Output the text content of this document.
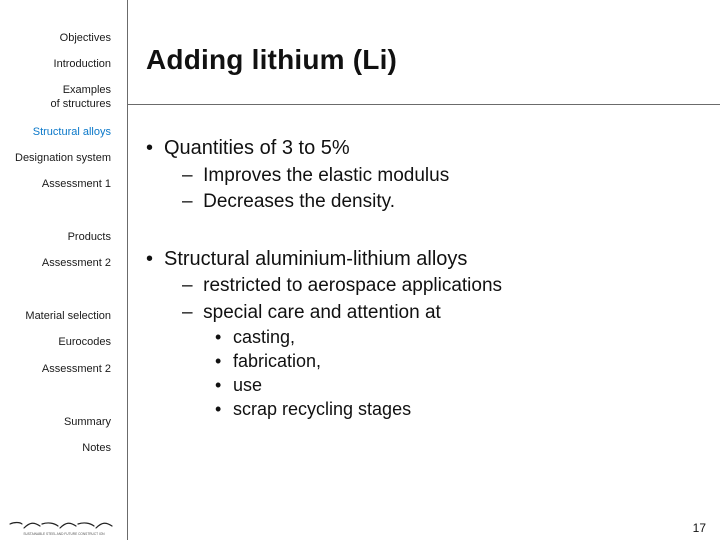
Objectives
Introduction
Examples
of structures
Structural alloys
Designation system
Assessment 1
Products
Assessment 2
Material selection
Eurocodes
Assessment 2
Summary
Notes
SUSTAINABLE STEEL AND FUTURE CONSTRUCT ION
Adding lithium (Li)
• Quantities of 3 to 5%
– Improves the elastic modulus
– Decreases the density.
• Structural aluminium-lithium alloys
– restricted to aerospace applications
– special care and attention at
• casting,
• fabrication,
• use
• scrap recycling stages
17
